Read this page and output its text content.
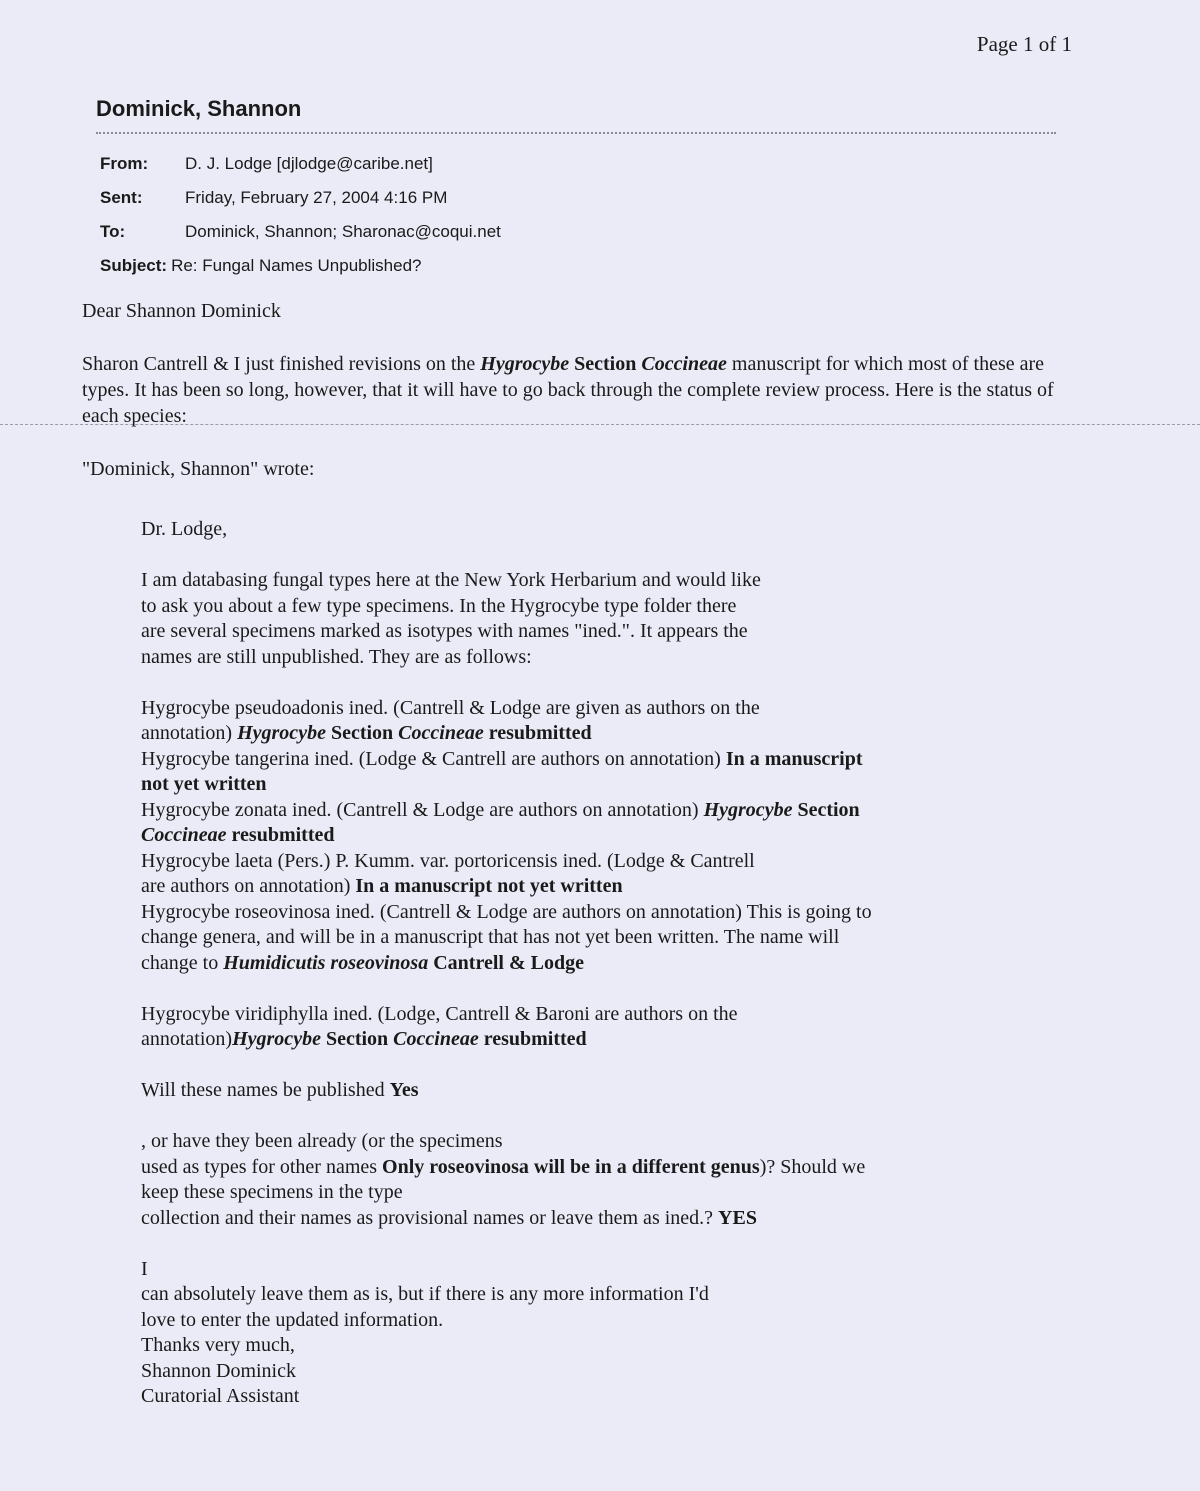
Page 1 of 1
Dominick, Shannon
From:	D. J. Lodge [djlodge@caribe.net]
Sent:	Friday, February 27, 2004 4:16 PM
To:	Dominick, Shannon; Sharonac@coqui.net
Subject: Re: Fungal Names Unpublished?

Dear Shannon Dominick

Sharon Cantrell & I just finished revisions on the Hygrocybe Section Coccineae manuscript for which most of these are types. It has been so long, however, that it will have to go back through the complete review process. Here is the status of each species:

"Dominick, Shannon" wrote:

Dr. Lodge,

I am databasing fungal types here at the New York Herbarium and would like

to ask you about a few type specimens. In the Hygrocybe type folder there

are several specimens marked as isotypes with names "ined.". It appears the

names are still unpublished. They are as follows:

Hygrocybe pseudoadonis ined. (Cantrell & Lodge are given as authors on the

annotation) Hygrocybe Section Coccineae resubmitted

Hygrocybe tangerina ined. (Lodge & Cantrell are authors on annotation) In a manuscript

not yet written

Hygrocybe zonata ined. (Cantrell & Lodge are authors on annotation) Hygrocybe Section

Coccineae resubmitted

Hygrocybe laeta (Pers.) P. Kumm. var. portoricensis ined. (Lodge & Cantrell

are authors on annotation) In a manuscript not yet written

Hygrocybe roseovinosa ined. (Cantrell & Lodge are authors on annotation) This is going to

change genera, and will be in a manuscript that has not yet been written. The name will

change to Humidicutis roseovinosa Cantrell & Lodge

Hygrocybe viridiphylla ined. (Lodge, Cantrell & Baroni are authors on the

annotation)Hygrocybe Section Coccineae resubmitted

Will these names be published Yes

, or have they been already (or the specimens

used as types for other names Only roseovinosa will be in a different genus)? Should we

keep these specimens in the type

collection and their names as provisional names or leave them as ined.? YES

I

can absolutely leave them as is, but if there is any more information I'd

love to enter the updated information.

Thanks very much,

Shannon Dominick

Curatorial Assistant
